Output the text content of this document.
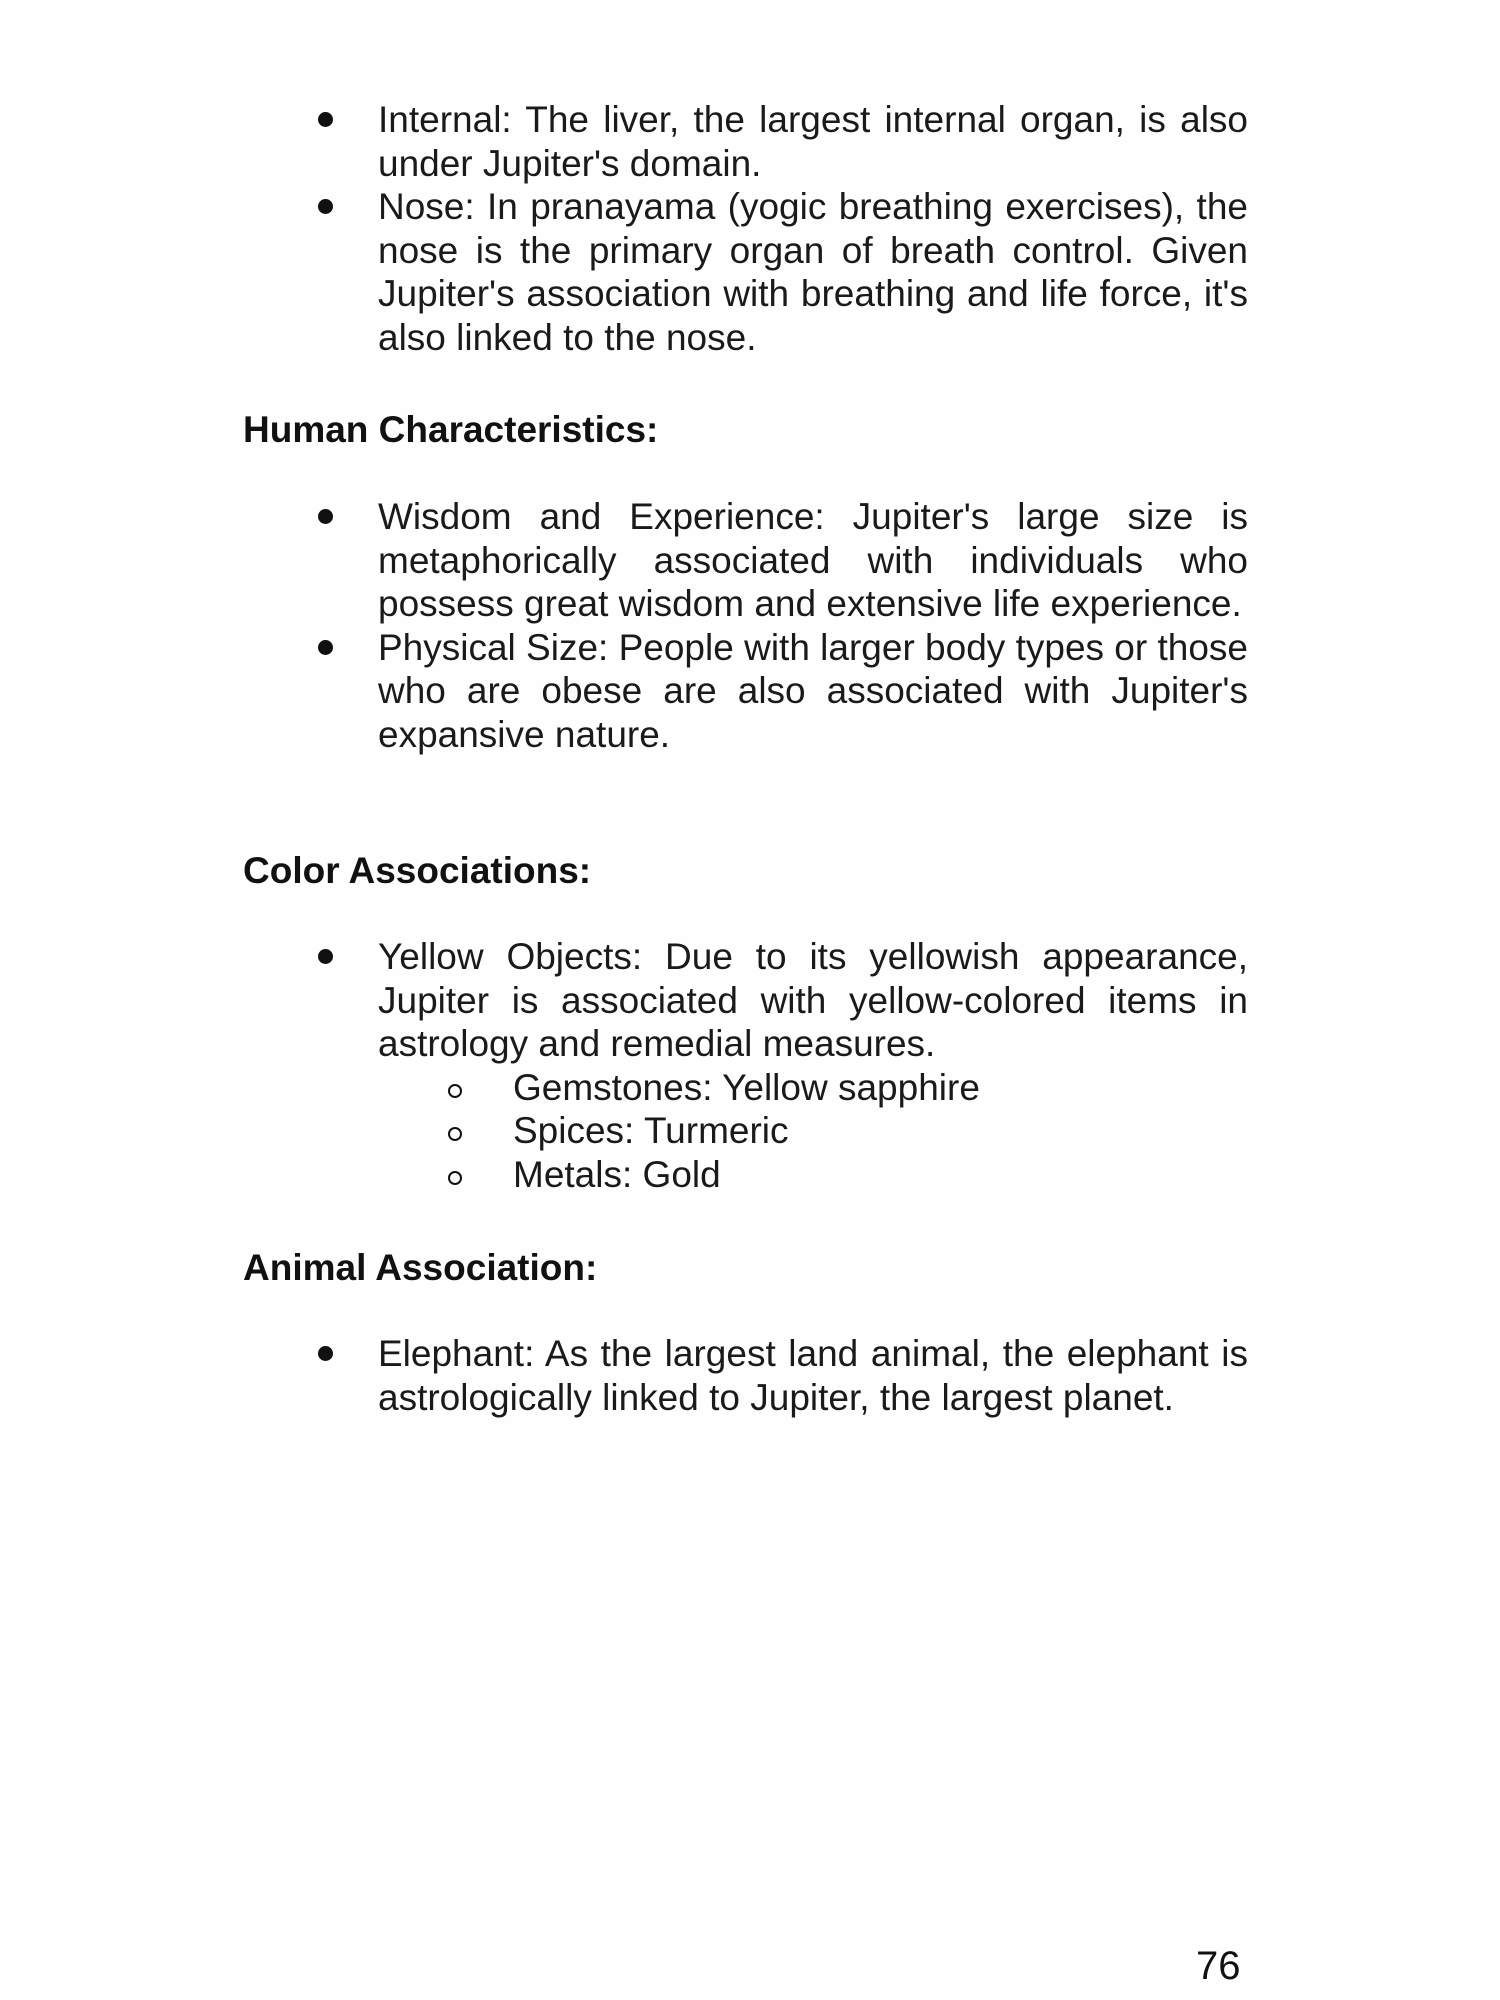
Internal: The liver, the largest internal organ, is also under Jupiter's domain.
Nose: In pranayama (yogic breathing exercises), the nose is the primary organ of breath control. Given Jupiter's association with breathing and life force, it's also linked to the nose.
Human Characteristics:
Wisdom and Experience: Jupiter's large size is metaphorically associated with individuals who possess great wisdom and extensive life experience.
Physical Size: People with larger body types or those who are obese are also associated with Jupiter's expansive nature.
Color Associations:
Yellow Objects: Due to its yellowish appearance, Jupiter is associated with yellow-colored items in astrology and remedial measures.
Gemstones: Yellow sapphire
Spices: Turmeric
Metals: Gold
Animal Association:
Elephant: As the largest land animal, the elephant is astrologically linked to Jupiter, the largest planet.
76
